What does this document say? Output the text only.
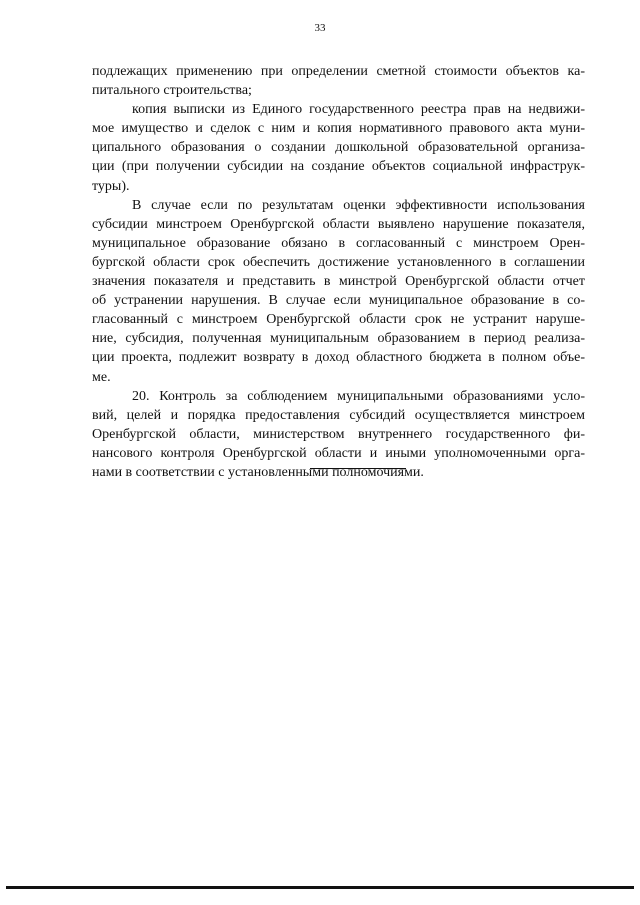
33
подлежащих применению при определении сметной стоимости объектов ка-
питального строительства;
копия выписки из Единого государственного реестра прав на недвижи-
мое имущество и сделок с ним и копия нормативного правового акта муни-
ципального образования о создании дошкольной образовательной организа-
ции (при получении субсидии на создание объектов социальной инфраструк-
туры).
В случае если по результатам оценки эффективности использования
субсидии минстроем Оренбургской области выявлено нарушение показателя,
муниципальное образование обязано в согласованный с минстроем Орен-
бургской области срок обеспечить достижение установленного в соглашении
значения показателя и представить в минстрой Оренбургской области отчет
об устранении нарушения. В случае если муниципальное образование в со-
гласованный с минстроем Оренбургской области срок не устранит наруше-
ние, субсидия, полученная муниципальным образованием в период реализа-
ции проекта, подлежит возврату в доход областного бюджета в полном объе-
ме.
20. Контроль за соблюдением муниципальными образованиями усло-
вий, целей и порядка предоставления субсидий осуществляется минстроем
Оренбургской области, министерством внутреннего государственного фи-
нансового контроля Оренбургской области и иными уполномоченными орга-
нами в соответствии с установленными полномочиями.
